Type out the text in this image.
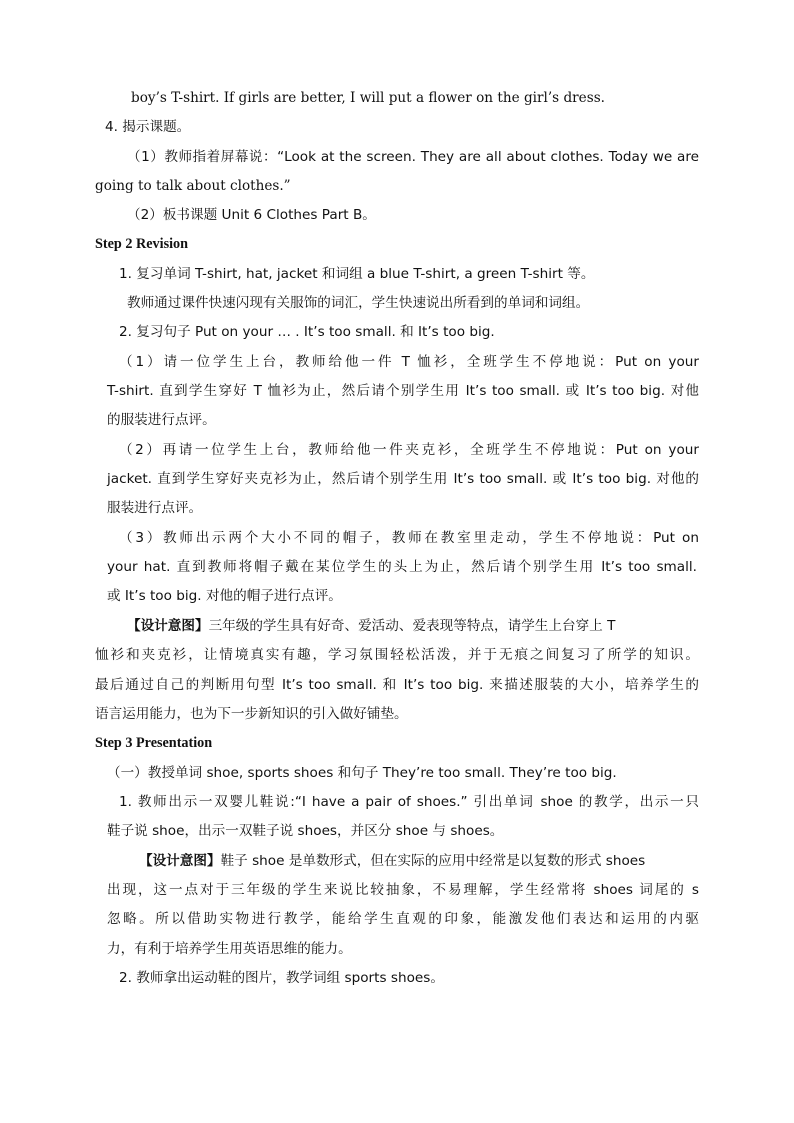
boy’s T-shirt. If girls are better, I will put a flower on the girl’s dress.

4. 揭示课题。

（1）教师指着屏幕说：“Look at the screen. They are all about clothes. Today we are

going to talk about clothes.”

（2）板书课题 Unit 6 Clothes Part B。

Step 2 Revision

1. 复习单词 T-shirt, hat, jacket 和词组 a blue T-shirt, a green T-shirt 等。

教师通过课件快速闪现有关服饰的词汇，学生快速说出所看到的单词和词组。

2. 复习句子 Put on your … . It’s too small. 和 It’s too big.

（1）请一位学生上台，教师给他一件 T 恤衫，全班学生不停地说：Put on your

T-shirt. 直到学生穿好 T 恤衫为止，然后请个别学生用 It’s too small. 或 It’s too big. 对他

的服装进行点评。

（2）再请一位学生上台，教师给他一件夹克衫，全班学生不停地说：Put on your

jacket. 直到学生穿好夹克衫为止，然后请个别学生用 It’s too small. 或 It’s too big. 对他的

服装进行点评。

（3）教师出示两个大小不同的帽子，教师在教室里走动，学生不停地说：Put on

your hat. 直到教师将帽子戴在某位学生的头上为止，然后请个别学生用 It’s too small.

或 It’s too big. 对他的帽子进行点评。

【设计意图】三年级的学生具有好奇、爱活动、爱表现等特点，请学生上台穿上 T

恤衫和夹克衫，让情境真实有趣，学习氛围轻松活泼，并于无痕之间复习了所学的知识。

最后通过自己的判断用句型 It’s too small. 和 It’s too big. 来描述服装的大小，培养学生的

语言运用能力，也为下一步新知识的引入做好铺垫。

Step 3 Presentation

（一）教授单词 shoe, sports shoes 和句子 They’re too small. They’re too big.

1. 教师出示一双婴儿鞋说:“I have a pair of shoes.” 引出单词 shoe 的教学，出示一只

鞋子说 shoe，出示一双鞋子说 shoes，并区分 shoe 与 shoes。

【设计意图】鞋子 shoe 是单数形式，但在实际的应用中经常是以复数的形式 shoes

出现，这一点对于三年级的学生来说比较抽象，不易理解，学生经常将 shoes 词尾的 s

忽略。所以借助实物进行教学，能给学生直观的印象，能激发他们表达和运用的内驱

力，有利于培养学生用英语思维的能力。

2. 教师拿出运动鞋的图片，教学词组 sports shoes。
